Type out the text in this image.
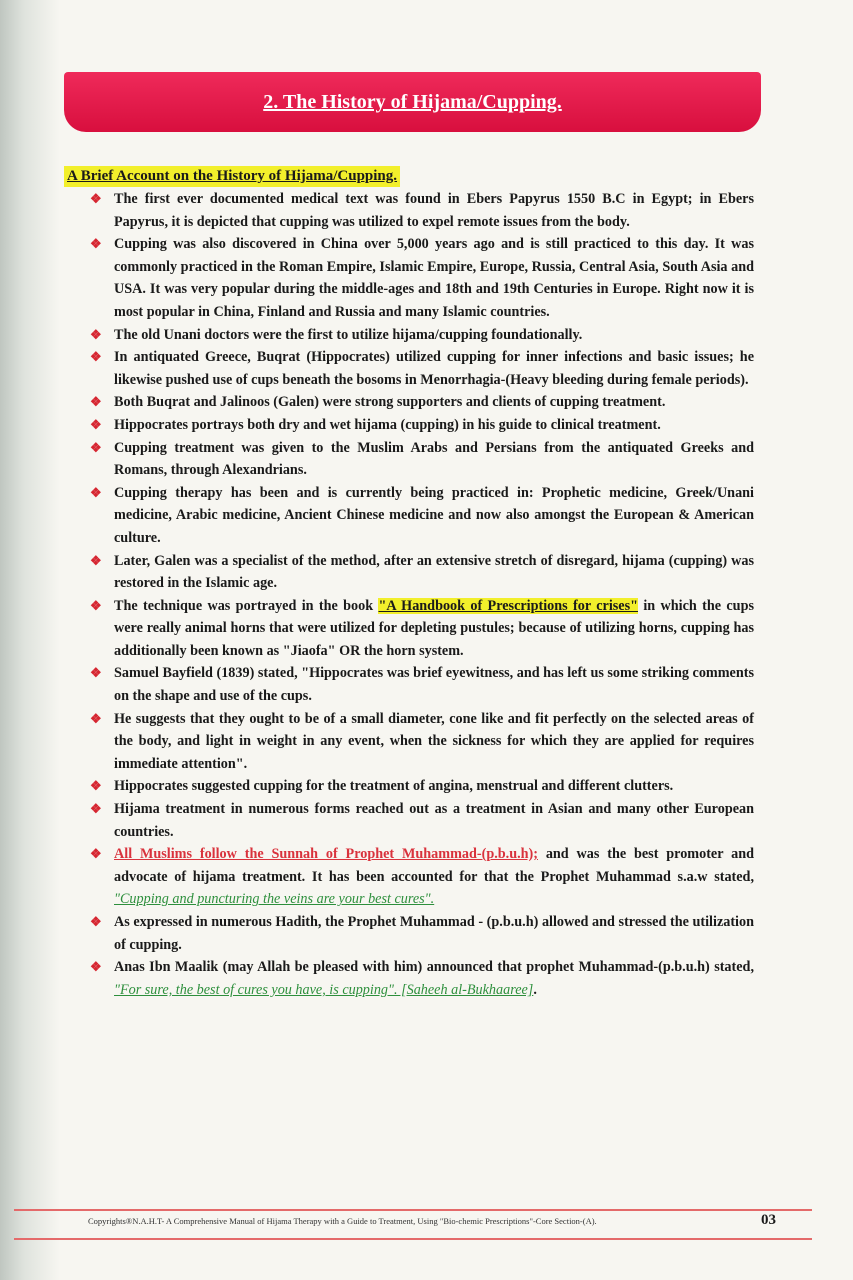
2. The History of Hijama/Cupping.
A Brief Account on the History of Hijama/Cupping.
❖ The first ever documented medical text was found in Ebers Papyrus 1550 B.C in Egypt; in Ebers Papyrus, it is depicted that cupping was utilized to expel remote issues from the body.
❖ Cupping was also discovered in China over 5,000 years ago and is still practiced to this day. It was commonly practiced in the Roman Empire, Islamic Empire, Europe, Russia, Central Asia, South Asia and USA. It was very popular during the middle-ages and 18th and 19th Centuries in Europe. Right now it is most popular in China, Finland and Russia and many Islamic countries.
❖ The old Unani doctors were the first to utilize hijama/cupping foundationally.
❖ In antiquated Greece, Buqrat (Hippocrates) utilized cupping for inner infections and basic issues; he likewise pushed use of cups beneath the bosoms in Menorrhagia-(Heavy bleeding during female periods).
❖ Both Buqrat and Jalinoos (Galen) were strong supporters and clients of cupping treatment.
❖ Hippocrates portrays both dry and wet hijama (cupping) in his guide to clinical treatment.
❖ Cupping treatment was given to the Muslim Arabs and Persians from the antiquated Greeks and Romans, through Alexandrians.
❖ Cupping therapy has been and is currently being practiced in: Prophetic medicine, Greek/Unani medicine, Arabic medicine, Ancient Chinese medicine and now also amongst the European & American culture.
❖ Later, Galen was a specialist of the method, after an extensive stretch of disregard, hijama (cupping) was restored in the Islamic age.
❖ The technique was portrayed in the book "A Handbook of Prescriptions for crises" in which the cups were really animal horns that were utilized for depleting pustules; because of utilizing horns, cupping has additionally been known as "Jiaofa" OR the horn system.
❖ Samuel Bayfield (1839) stated, "Hippocrates was brief eyewitness, and has left us some striking comments on the shape and use of the cups.
❖ He suggests that they ought to be of a small diameter, cone like and fit perfectly on the selected areas of the body, and light in weight in any event, when the sickness for which they are applied for requires immediate attention".
❖ Hippocrates suggested cupping for the treatment of angina, menstrual and different clutters.
❖ Hijama treatment in numerous forms reached out as a treatment in Asian and many other European countries.
❖ All Muslims follow the Sunnah of Prophet Muhammad-(p.b.u.h); and was the best promoter and advocate of hijama treatment. It has been accounted for that the Prophet Muhammad s.a.w stated, "Cupping and puncturing the veins are your best cures".
❖ As expressed in numerous Hadith, the Prophet Muhammad - (p.b.u.h) allowed and stressed the utilization of cupping.
❖ Anas Ibn Maalik (may Allah be pleased with him) announced that prophet Muhammad-(p.b.u.h) stated, "For sure, the best of cures you have, is cupping". [Saheeh al-Bukhaaree].
Copyrights®N.A.H.T- A Comprehensive Manual of Hijama Therapy with a Guide to Treatment, Using "Bio-chemic Prescriptions"-Core Section-(A).	03
